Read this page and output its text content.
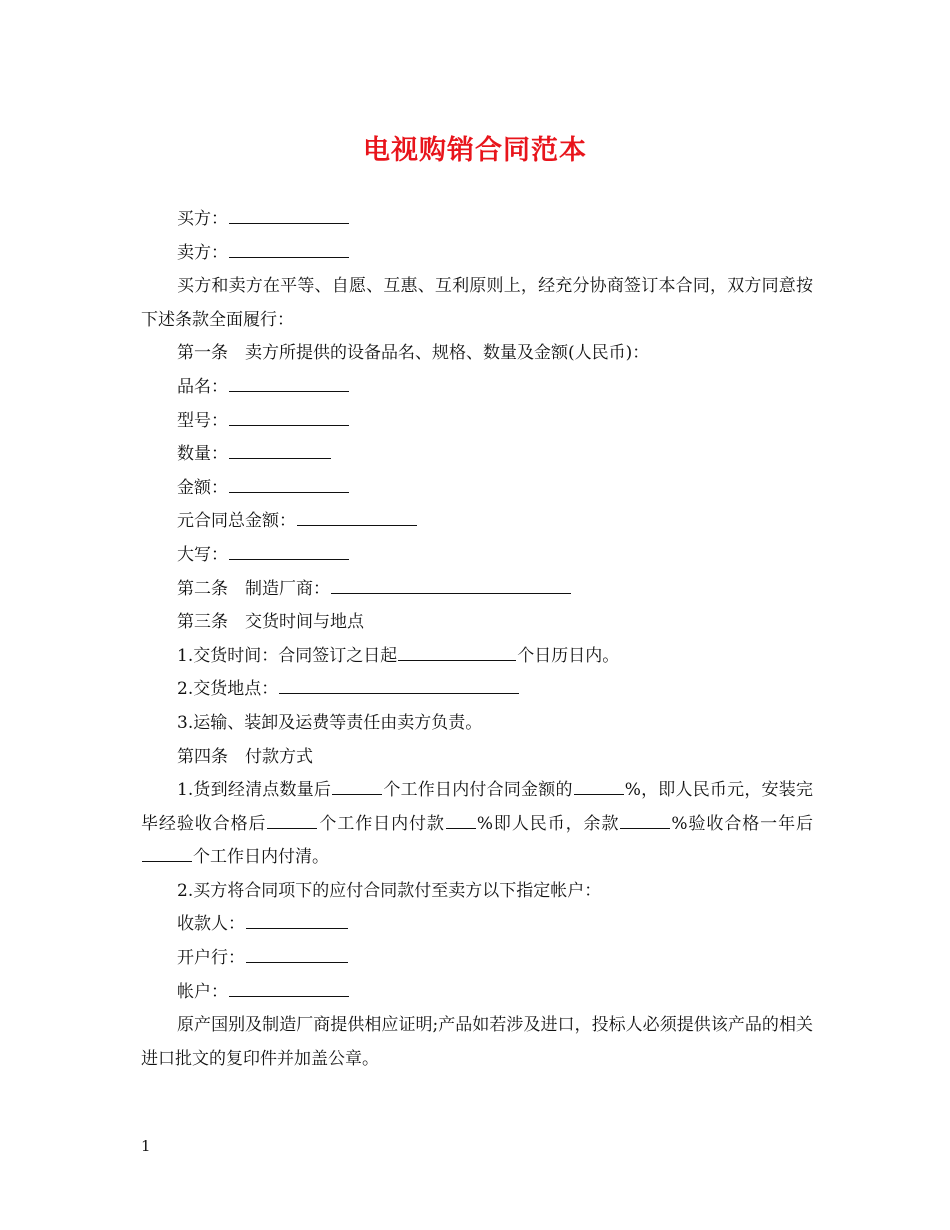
电视购销合同范本
买方：
卖方：
买方和卖方在平等、自愿、互惠、互利原则上，经充分协商签订本合同，双方同意按下述条款全面履行：
第一条　卖方所提供的设备品名、规格、数量及金额(人民币)：
品名：
型号：
数量：
金额：
元合同总金额：
大写：
第二条　制造厂商：
第三条　交货时间与地点
1.交货时间：合同签订之日起	个日历日内。
2.交货地点：
3.运输、装卸及运费等责任由卖方负责。
第四条　付款方式
1.货到经清点数量后	个工作日内付合同金额的	%，即人民币元，安装完毕经验收合格后	个工作日内付款 %即人民币，余款	%验收合格一年后个工作日内付清。
2.买方将合同项下的应付合同款付至卖方以下指定帐户：
收款人：
开户行：
帐户：
原产国别及制造厂商提供相应证明;产品如若涉及进口，投标人必须提供该产品的相关进口批文的复印件并加盖公章。
1
